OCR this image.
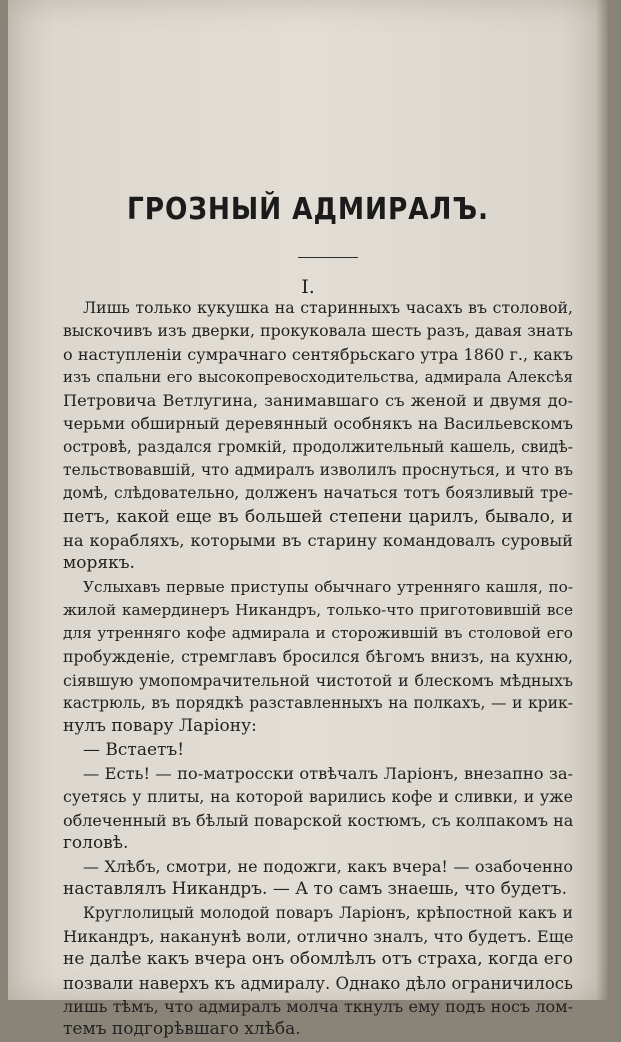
ГРОЗНЫЙ АДМИРАЛЪ.
I.
Лишь только кукушка на старинныхъ часахъ въ столовой,
выскочивъ изъ дверки, прокуковала шесть разъ, давая знать
о наступленіи сумрачнаго сентябрьскаго утра 1860 г., какъ
изъ спальни его высокопревосходительства, адмирала Алексѣя
Петровича Ветлугина, занимавшаго съ женой и двумя до-
черьми обширный деревянный особнякъ на Васильевскомъ
островѣ, раздался громкій, продолжительный кашель, свидѣ-
тельствовавшій, что адмиралъ изволилъ проснуться, и что въ
домѣ, слѣдовательно, долженъ начаться тотъ боязливый тре-
петъ, какой еще въ большей степени царилъ, бывало, и
на корабляхъ, которыми въ старину командовалъ суровый
морякъ.
Услыхавъ первые приступы обычнаго утренняго кашля, по-
жилой камердинеръ Никандръ, только-что приготовившій все
для утренняго кофе адмирала и сторожившій въ столовой его
пробужденіе, стремглавъ бросился бѣгомъ внизъ, на кухню,
сіявшую умопомрачительной чистотой и блескомъ мѣдныхъ
кастрюль, въ порядкѣ разставленныхъ на полкахъ, — и крик-
нулъ повару Ларіону:
— Встаетъ!
— Есть! — по-матросски отвѣчалъ Ларіонъ, внезапно за-
суетясь у плиты, на которой варились кофе и сливки, и уже
облеченный въ бѣлый поварской костюмъ, съ колпакомъ на
головѣ.
— Хлѣбъ, смотри, не подожги, какъ вчера! — озабоченно
наставлялъ Никандръ. — А то самъ знаешь, что будетъ.
Круглолицый молодой поваръ Ларіонъ, крѣпостной какъ и
Никандръ, наканунѣ воли, отлично зналъ, что будетъ. Еще
не далѣе какъ вчера онъ обомлѣлъ отъ страха, когда его
позвали наверхъ къ адмиралу. Однако дѣло ограничилось
лишь тѣмъ, что адмиралъ молча ткнулъ ему подъ носъ лом-
темъ подгорѣвшаго хлѣба.
